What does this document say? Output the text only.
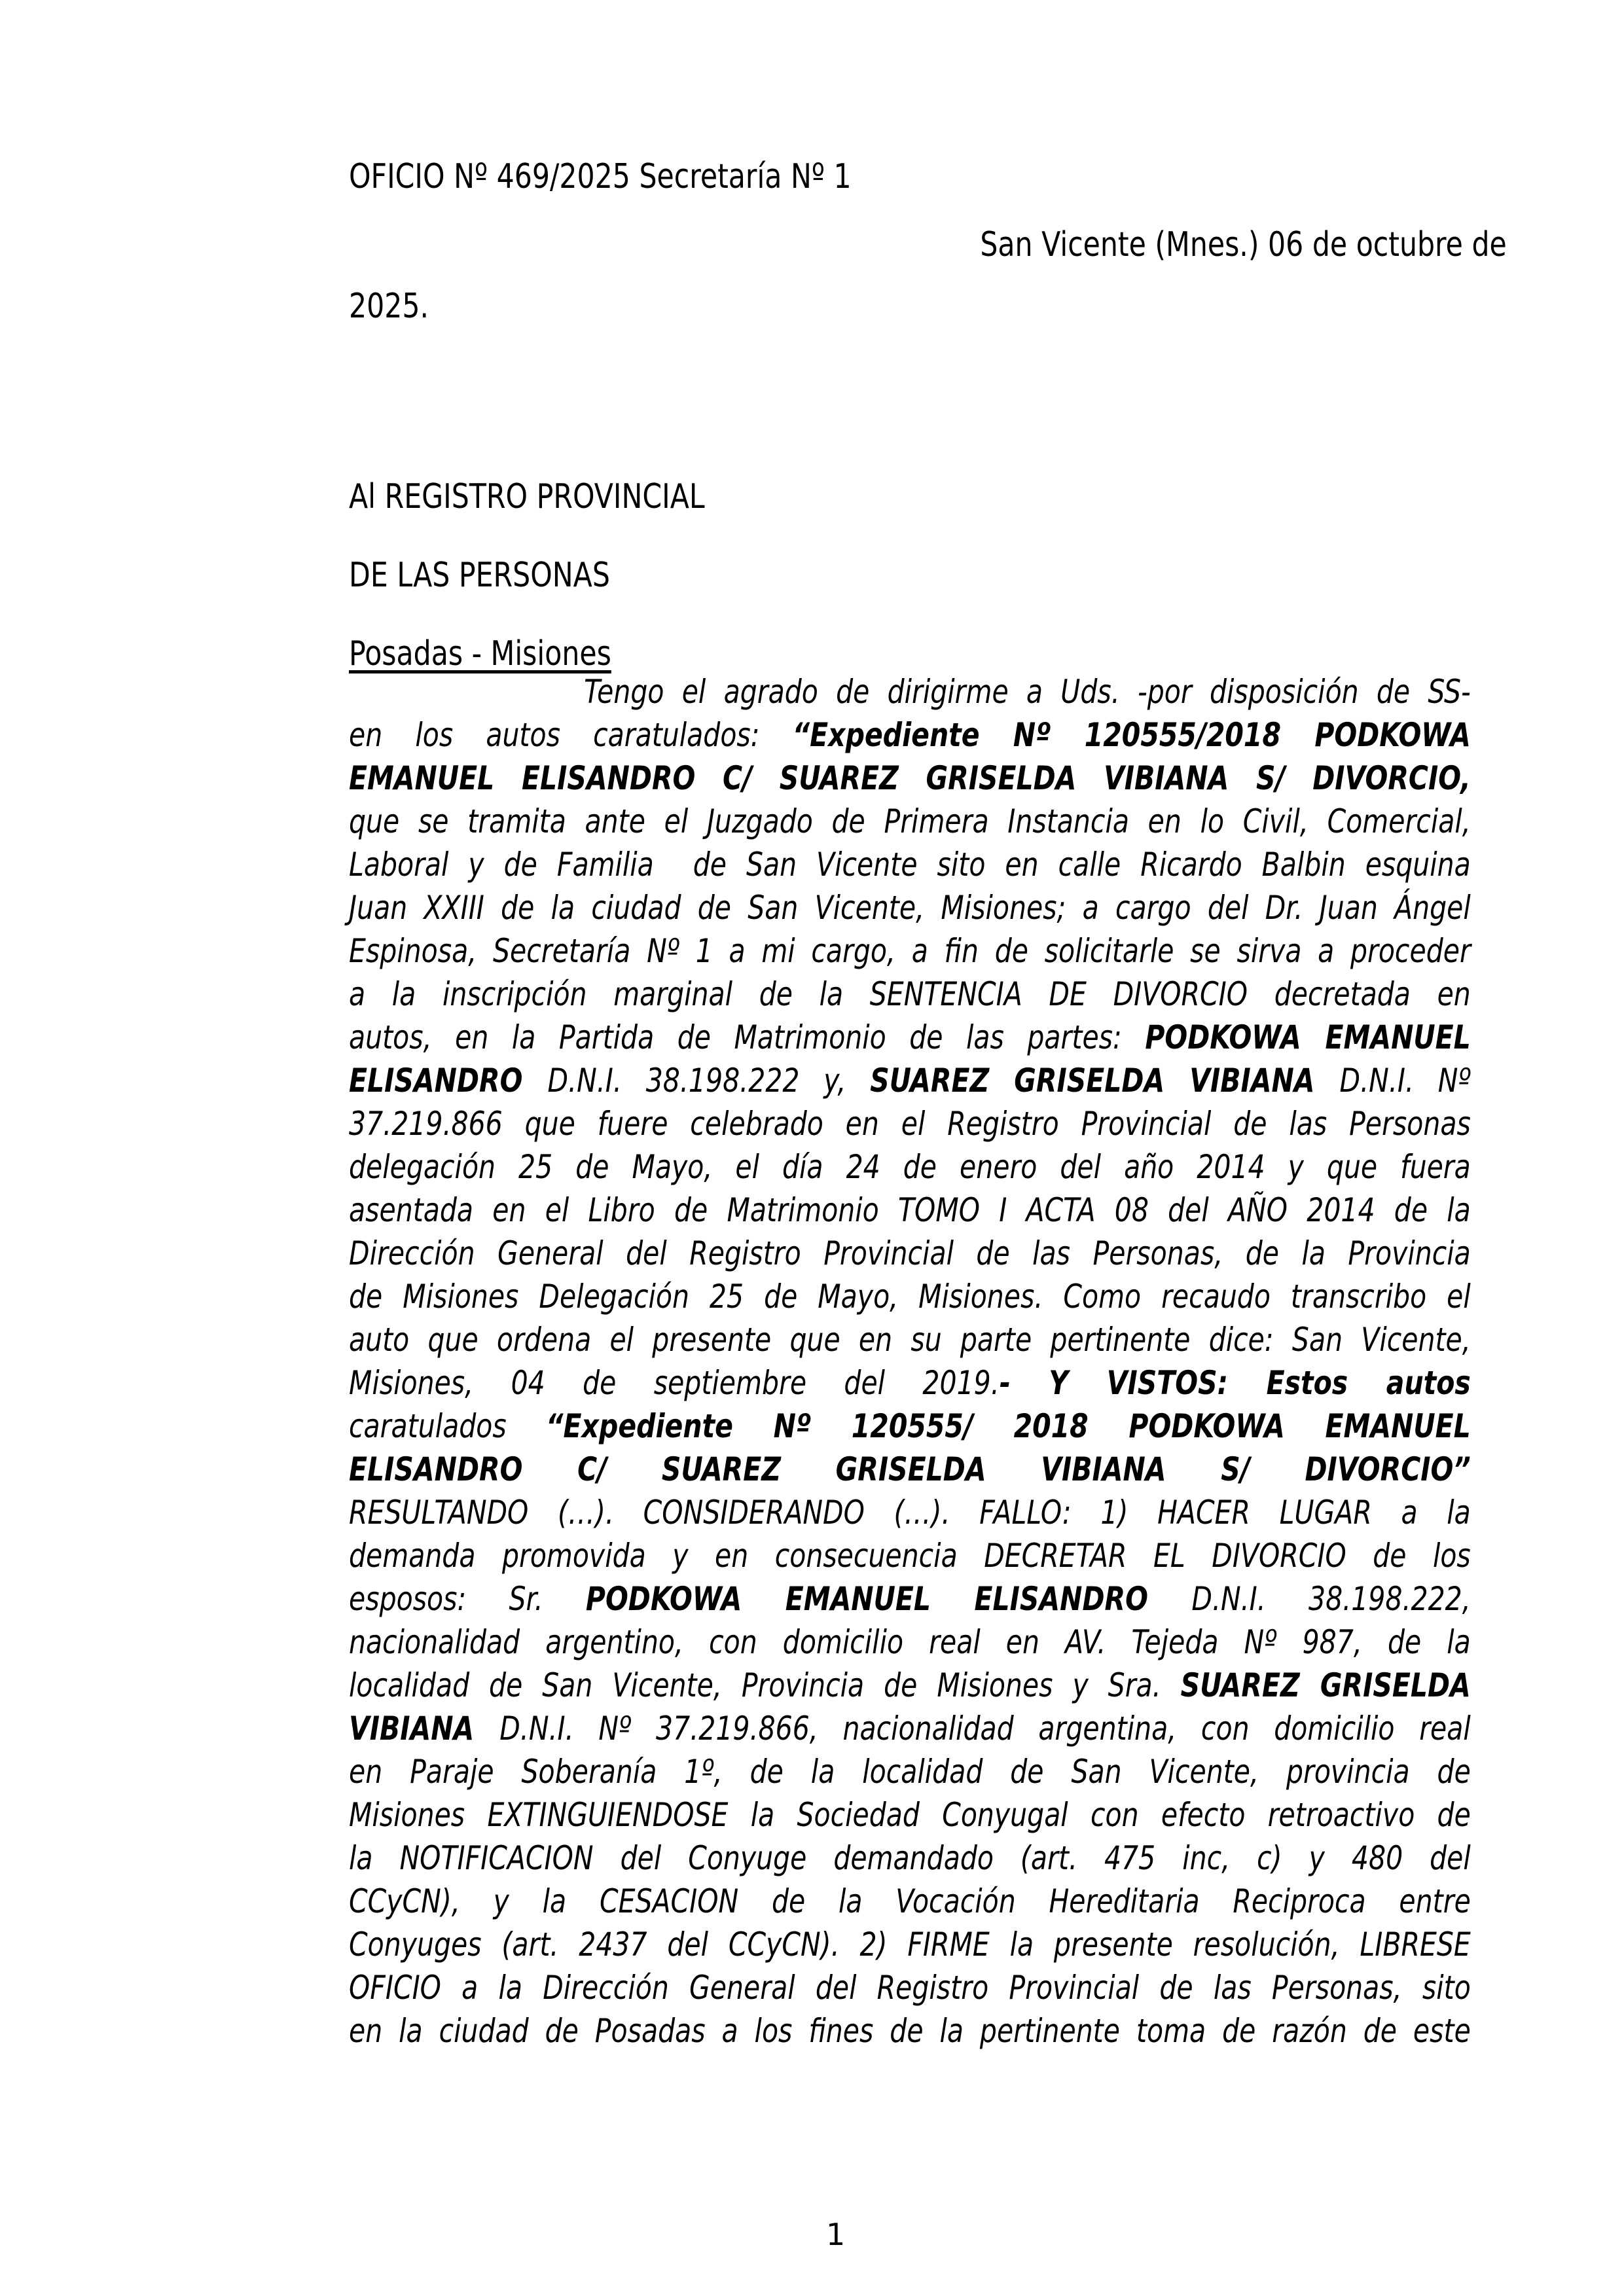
OFICIO Nº 469/2025 Secretaría Nº 1
San Vicente (Mnes.) 06 de octubre de
2025.
Al REGISTRO PROVINCIAL
DE LAS PERSONAS
Posadas - Misiones
Tengo el agrado de dirigirme a Uds. -por disposición de SS-
en los autos caratulados: “Expediente Nº 120555/2018 PODKOWA
EMANUEL ELISANDRO C/ SUAREZ GRISELDA VIBIANA S/ DIVORCIO,
que se tramita ante el Juzgado de Primera Instancia en lo Civil, Comercial,
Laboral y de Familia  de San Vicente sito en calle Ricardo Balbin esquina
Juan XXIII de la ciudad de San Vicente, Misiones; a cargo del Dr. Juan Ángel
Espinosa, Secretaría Nº 1 a mi cargo, a fin de solicitarle se sirva a proceder
a la inscripción marginal de la SENTENCIA DE DIVORCIO decretada en
autos, en la Partida de Matrimonio de las partes: PODKOWA EMANUEL
ELISANDRO D.N.I. 38.198.222 y, SUAREZ GRISELDA VIBIANA D.N.I. Nº
37.219.866 que fuere celebrado en el Registro Provincial de las Personas
delegación 25 de Mayo, el día 24 de enero del año 2014 y que fuera
asentada en el Libro de Matrimonio TOMO I ACTA 08 del AÑO 2014 de la
Dirección General del Registro Provincial de las Personas, de la Provincia
de Misiones Delegación 25 de Mayo, Misiones. Como recaudo transcribo el
auto que ordena el presente que en su parte pertinente dice: San Vicente,
Misiones, 04 de septiembre del 2019.- Y VISTOS: Estos autos
caratulados “Expediente Nº 120555/ 2018 PODKOWA EMANUEL
ELISANDRO C/ SUAREZ GRISELDA VIBIANA S/ DIVORCIO”
RESULTANDO (…). CONSIDERANDO (…). FALLO: 1) HACER LUGAR a la
demanda promovida y en consecuencia DECRETAR EL DIVORCIO de los
esposos: Sr. PODKOWA EMANUEL ELISANDRO D.N.I. 38.198.222,
nacionalidad argentino, con domicilio real en AV. Tejeda Nº 987, de la
localidad de San Vicente, Provincia de Misiones y Sra. SUAREZ GRISELDA
VIBIANA D.N.I. Nº 37.219.866, nacionalidad argentina, con domicilio real
en Paraje Soberanía 1º, de la localidad de San Vicente, provincia de
Misiones EXTINGUIENDOSE la Sociedad Conyugal con efecto retroactivo de
la NOTIFICACION del Conyuge demandado (art. 475 inc, c) y 480 del
CCyCN), y la CESACION de la Vocación Hereditaria Reciproca entre
Conyuges (art. 2437 del CCyCN). 2) FIRME la presente resolución, LIBRESE
OFICIO a la Dirección General del Registro Provincial de las Personas, sito
en la ciudad de Posadas a los fines de la pertinente toma de razón de este
1
